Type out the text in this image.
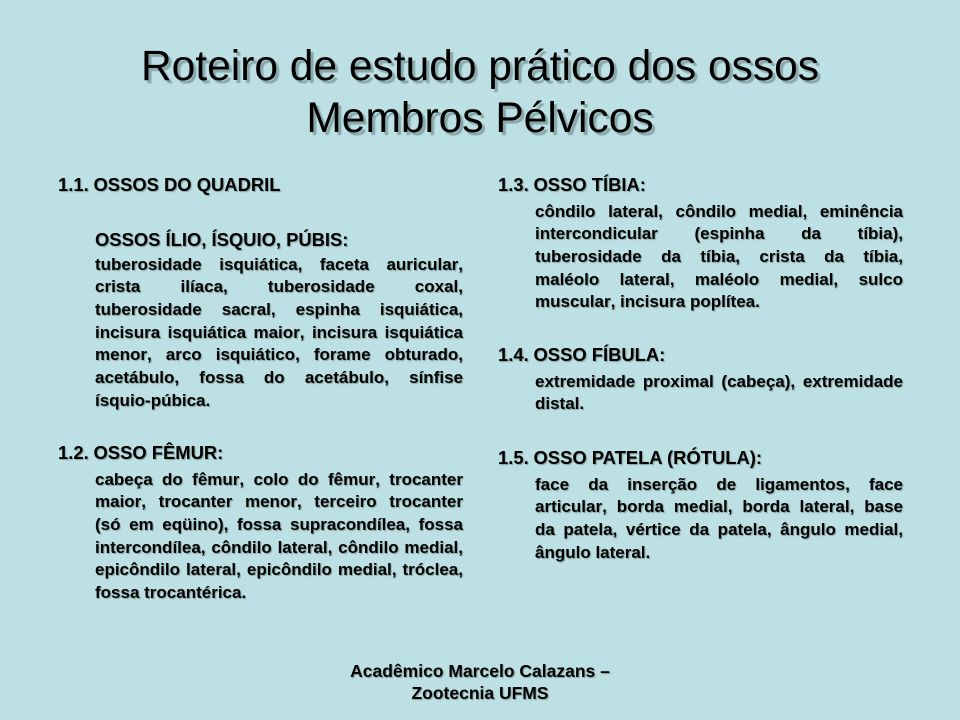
Roteiro de estudo prático dos ossos
Membros Pélvicos
1.1. OSSOS DO QUADRIL
OSSOS ÍLIO, ÍSQUIO, PÚBIS:
tuberosidade isquiática, faceta auricular,
crista ilíaca, tuberosidade coxal,
tuberosidade sacral, espinha isquiática,
incisura isquiática maior, incisura isquiática
menor, arco isquiático, forame obturado,
acetábulo, fossa do acetábulo, sínfise
ísquio-púbica.
1.2. OSSO FÊMUR:
cabeça do fêmur, colo do fêmur, trocanter
maior, trocanter menor, terceiro trocanter
(só em eqüino), fossa supracondílea, fossa
intercondílea, côndilo lateral, côndilo medial,
epicôndilo lateral, epicôndilo medial, tróclea,
fossa trocantérica.
1.3. OSSO TÍBIA:
côndilo lateral, côndilo medial, eminência
intercondicular (espinha da tíbia),
tuberosidade da tíbia, crista da tíbia,
maléolo lateral, maléolo medial, sulco
muscular, incisura poplítea.
1.4. OSSO FÍBULA:
extremidade proximal (cabeça), extremidade
distal.
1.5. OSSO PATELA (RÓTULA):
face da inserção de ligamentos, face
articular, borda medial, borda lateral, base
da patela, vértice da patela, ângulo medial,
ângulo lateral.
Acadêmico Marcelo Calazans –
Zootecnia UFMS
